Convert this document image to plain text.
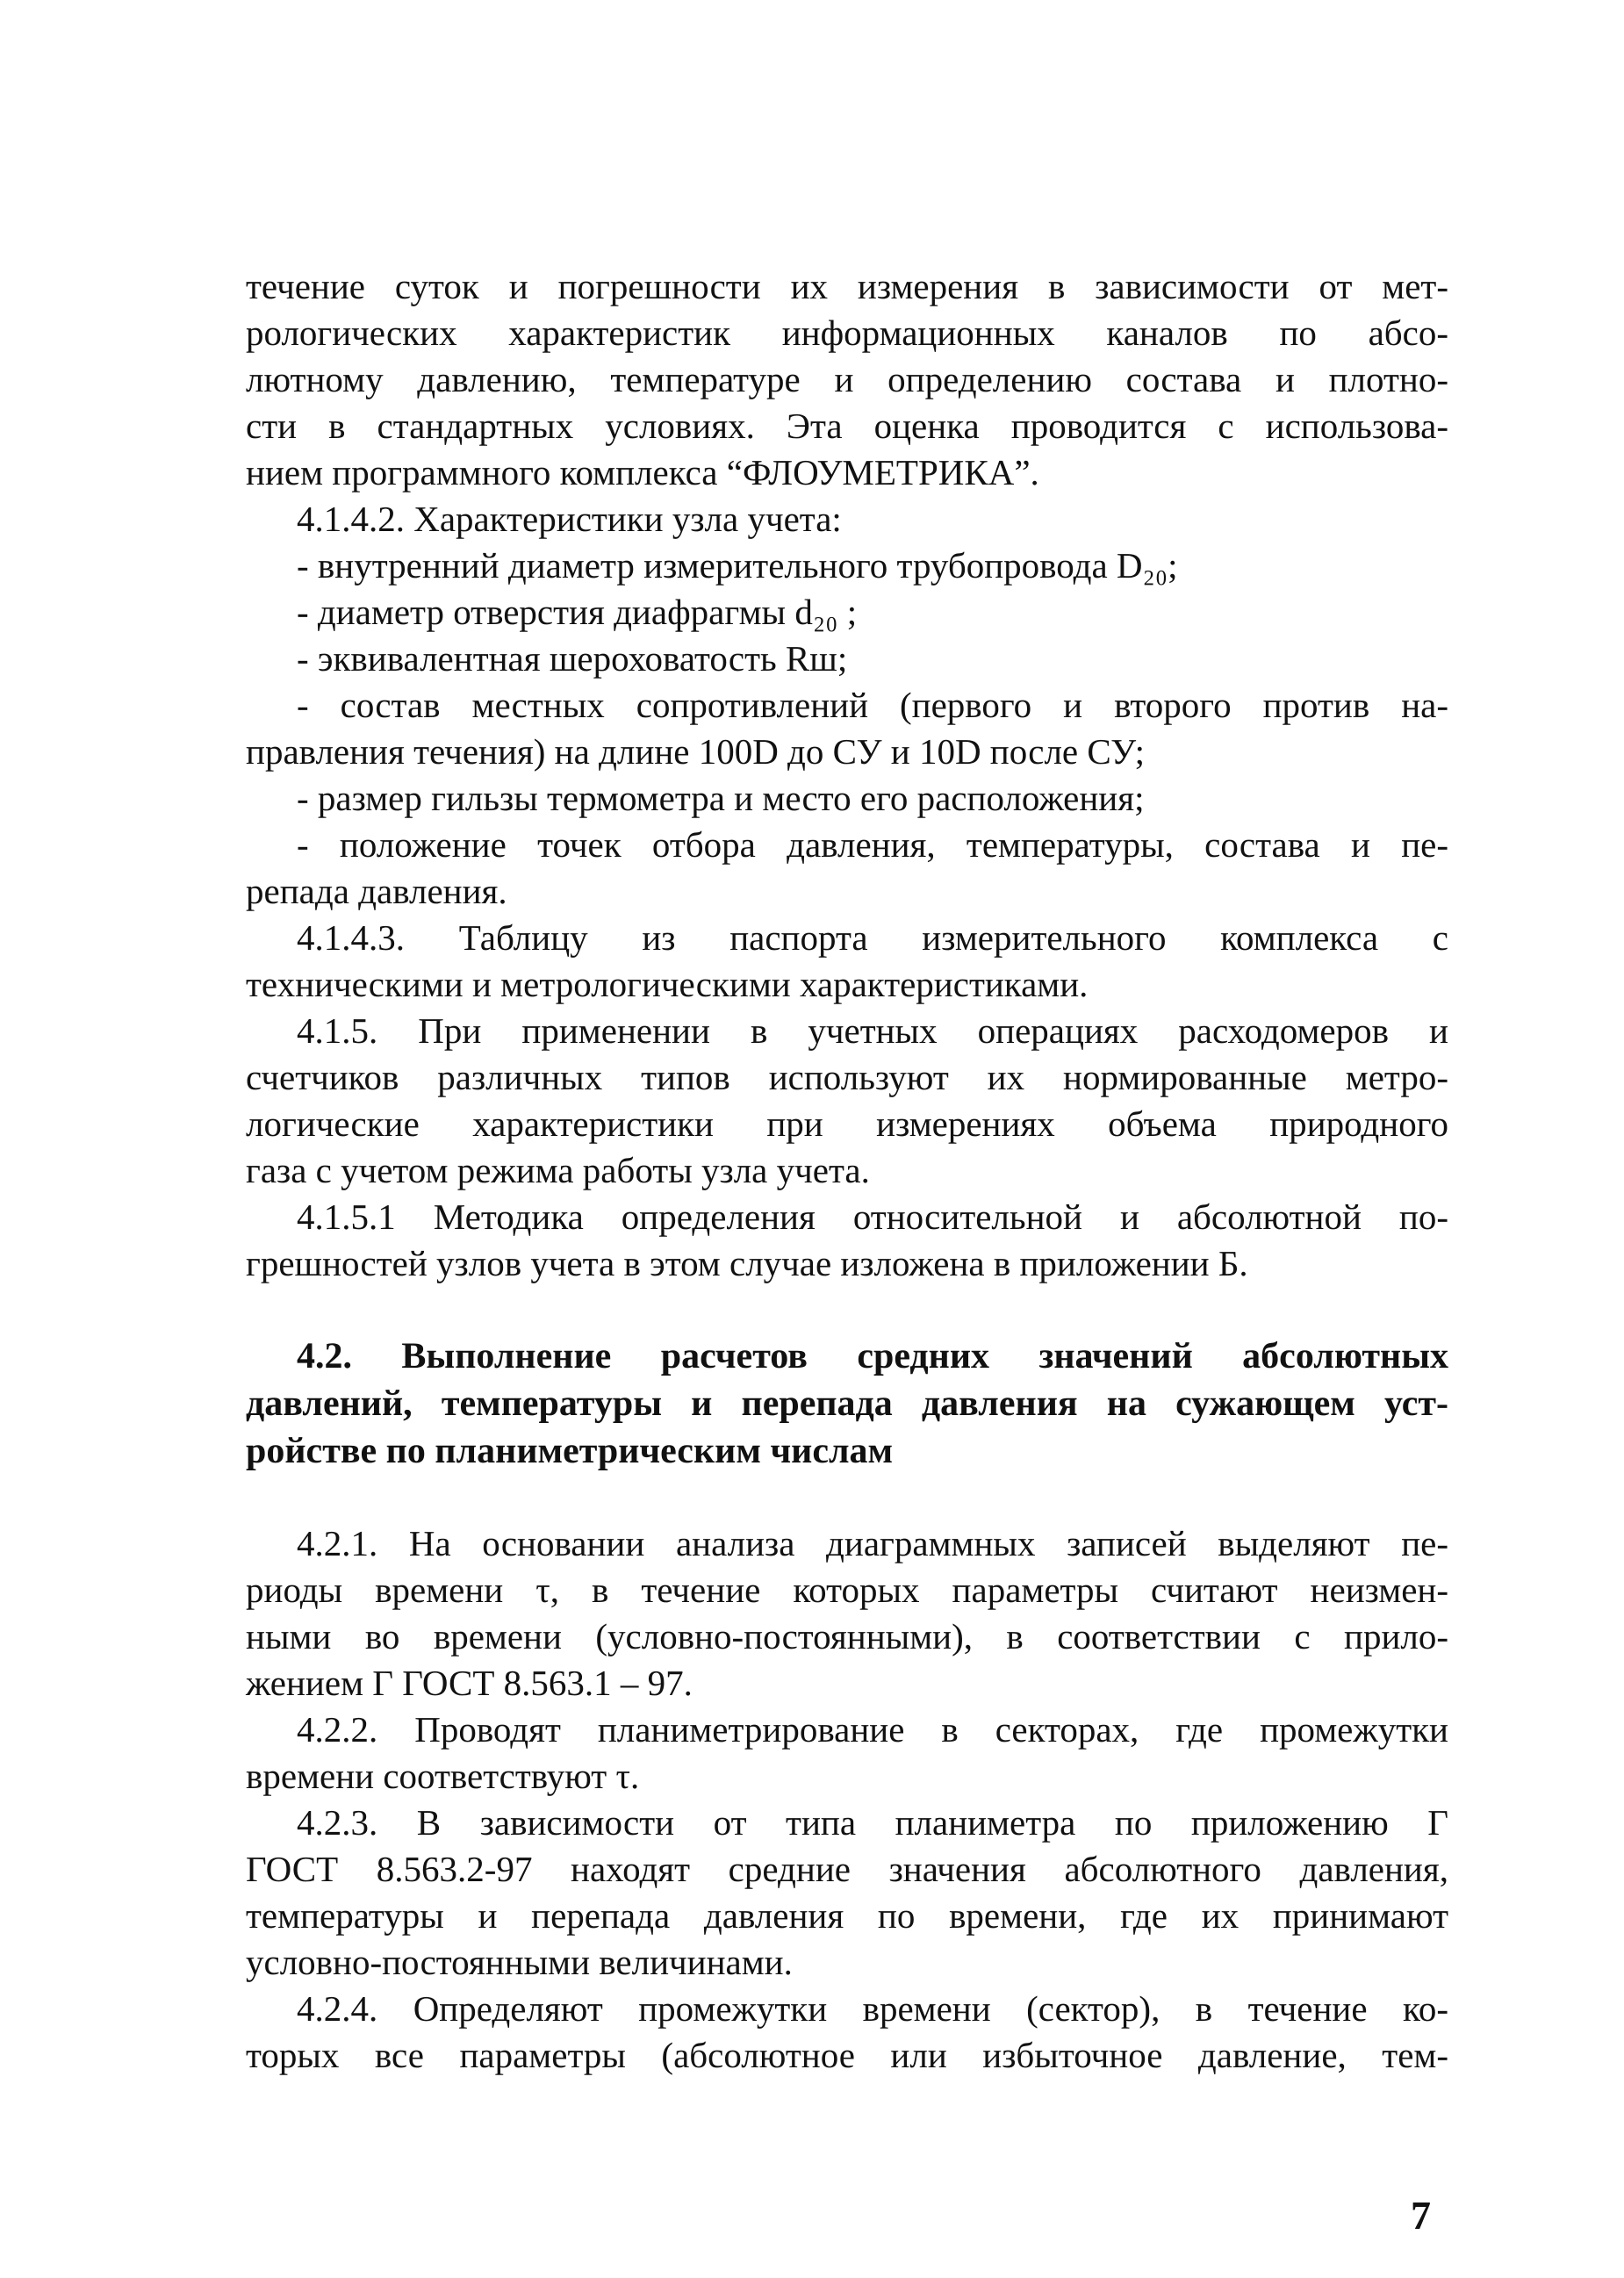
течение суток и погрешности их измерения в зависимости от мет-
рологических характеристик информационных каналов по абсо-
лютному давлению, температуре и определению состава и плотно-
сти в стандартных условиях. Эта оценка проводится с использова-
нием программного комплекса “ФЛОУМЕТРИКА”.
4.1.4.2. Характеристики узла учета:
- внутренний диаметр измерительного трубопровода D₂₀;
- диаметр отверстия диафрагмы d₂₀ ;
- эквивалентная шероховатость Rш;
- состав местных сопротивлений (первого и второго против на-
правления течения) на длине 100D до СУ и 10D после СУ;
- размер гильзы термометра и место его расположения;
- положение точек отбора давления, температуры, состава и пе-
репада давления.
4.1.4.3. Таблицу из паспорта измерительного комплекса с
техническими и метрологическими характеристиками.
4.1.5. При применении в учетных операциях расходомеров и
счетчиков различных типов используют их нормированные метро-
логические характеристики при измерениях объема природного
газа с учетом режима работы узла учета.
4.1.5.1 Методика определения относительной и абсолютной по-
грешностей узлов учета в этом случае изложена в приложении Б.
4.2. Выполнение расчетов средних значений абсолютных
давлений, температуры и перепада давления на сужающем уст-
ройстве по планиметрическим числам
4.2.1. На основании анализа диаграммных записей выделяют пе-
риоды времени τ, в течение которых параметры считают неизмен-
ными во времени (условно-постоянными), в соответствии с прило-
жением Г ГОСТ 8.563.1 – 97.
4.2.2. Проводят планиметрирование в секторах, где промежутки
времени соответствуют τ.
4.2.3. В зависимости от типа планиметра по приложению Г
ГОСТ 8.563.2-97 находят средние значения абсолютного давления,
температуры и перепада давления по времени, где их принимают
условно-постоянными величинами.
4.2.4. Определяют промежутки времени (сектор), в течение ко-
торых все параметры (абсолютное или избыточное давление, тем-
7
